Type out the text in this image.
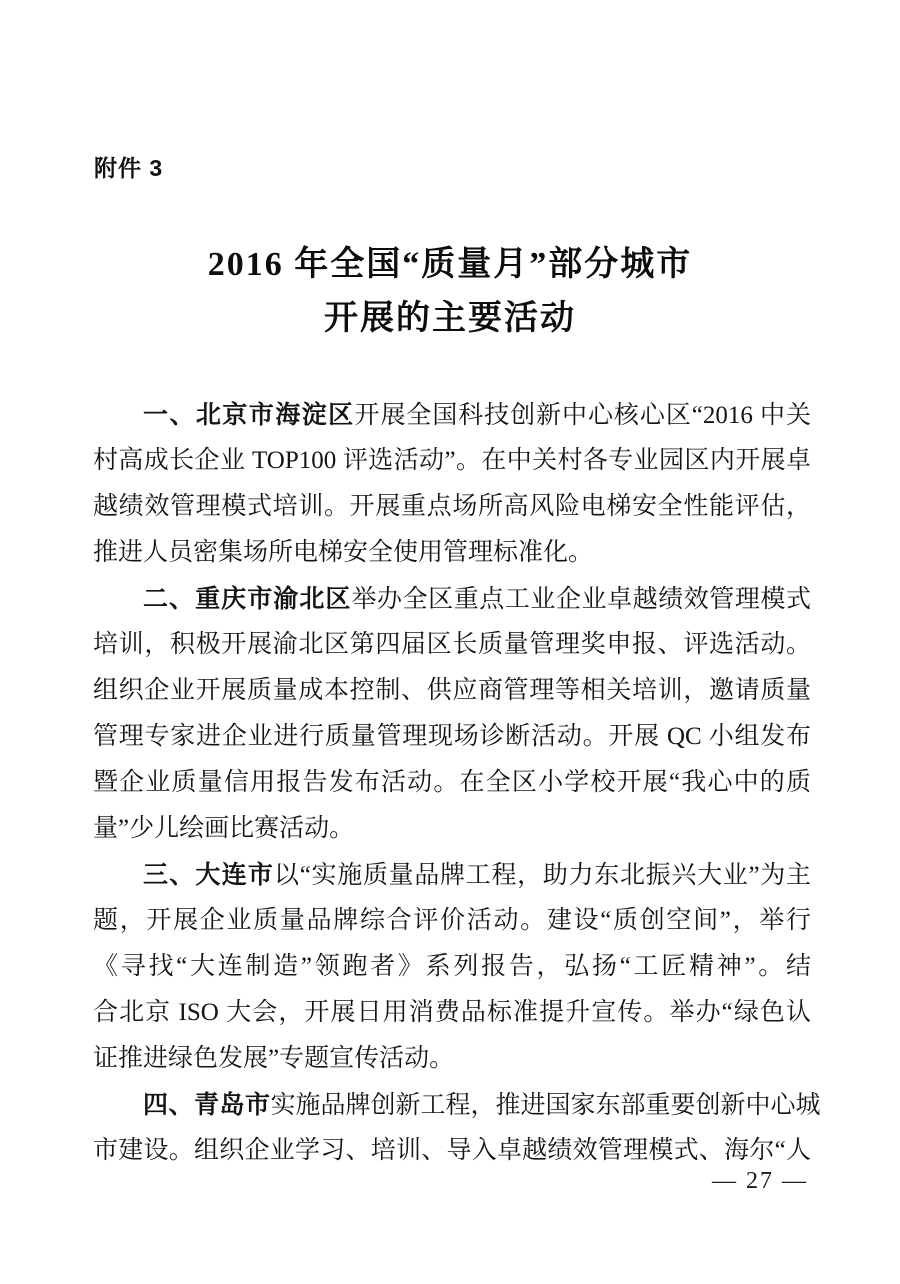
附件 3
2016 年全国“质量月”部分城市
开展的主要活动
一、北京市海淀区开展全国科技创新中心核心区“2016 中关
村高成长企业 TOP100 评选活动”。在中关村各专业园区内开展卓
越绩效管理模式培训。开展重点场所高风险电梯安全性能评估，
推进人员密集场所电梯安全使用管理标准化。
二、重庆市渝北区举办全区重点工业企业卓越绩效管理模式
培训，积极开展渝北区第四届区长质量管理奖申报、评选活动。
组织企业开展质量成本控制、供应商管理等相关培训，邀请质量
管理专家进企业进行质量管理现场诊断活动。开展 QC 小组发布
暨企业质量信用报告发布活动。在全区小学校开展“我心中的质
量”少儿绘画比赛活动。
三、大连市以“实施质量品牌工程，助力东北振兴大业”为主
题，开展企业质量品牌综合评价活动。建设“质创空间”，举行
《寻找“大连制造”领跑者》系列报告，弘扬“工匠精神”。结
合北京 ISO 大会，开展日用消费品标准提升宣传。举办“绿色认
证推进绿色发展”专题宣传活动。
四、青岛市实施品牌创新工程，推进国家东部重要创新中心城
市建设。组织企业学习、培训、导入卓越绩效管理模式、海尔“人
— 27 —
